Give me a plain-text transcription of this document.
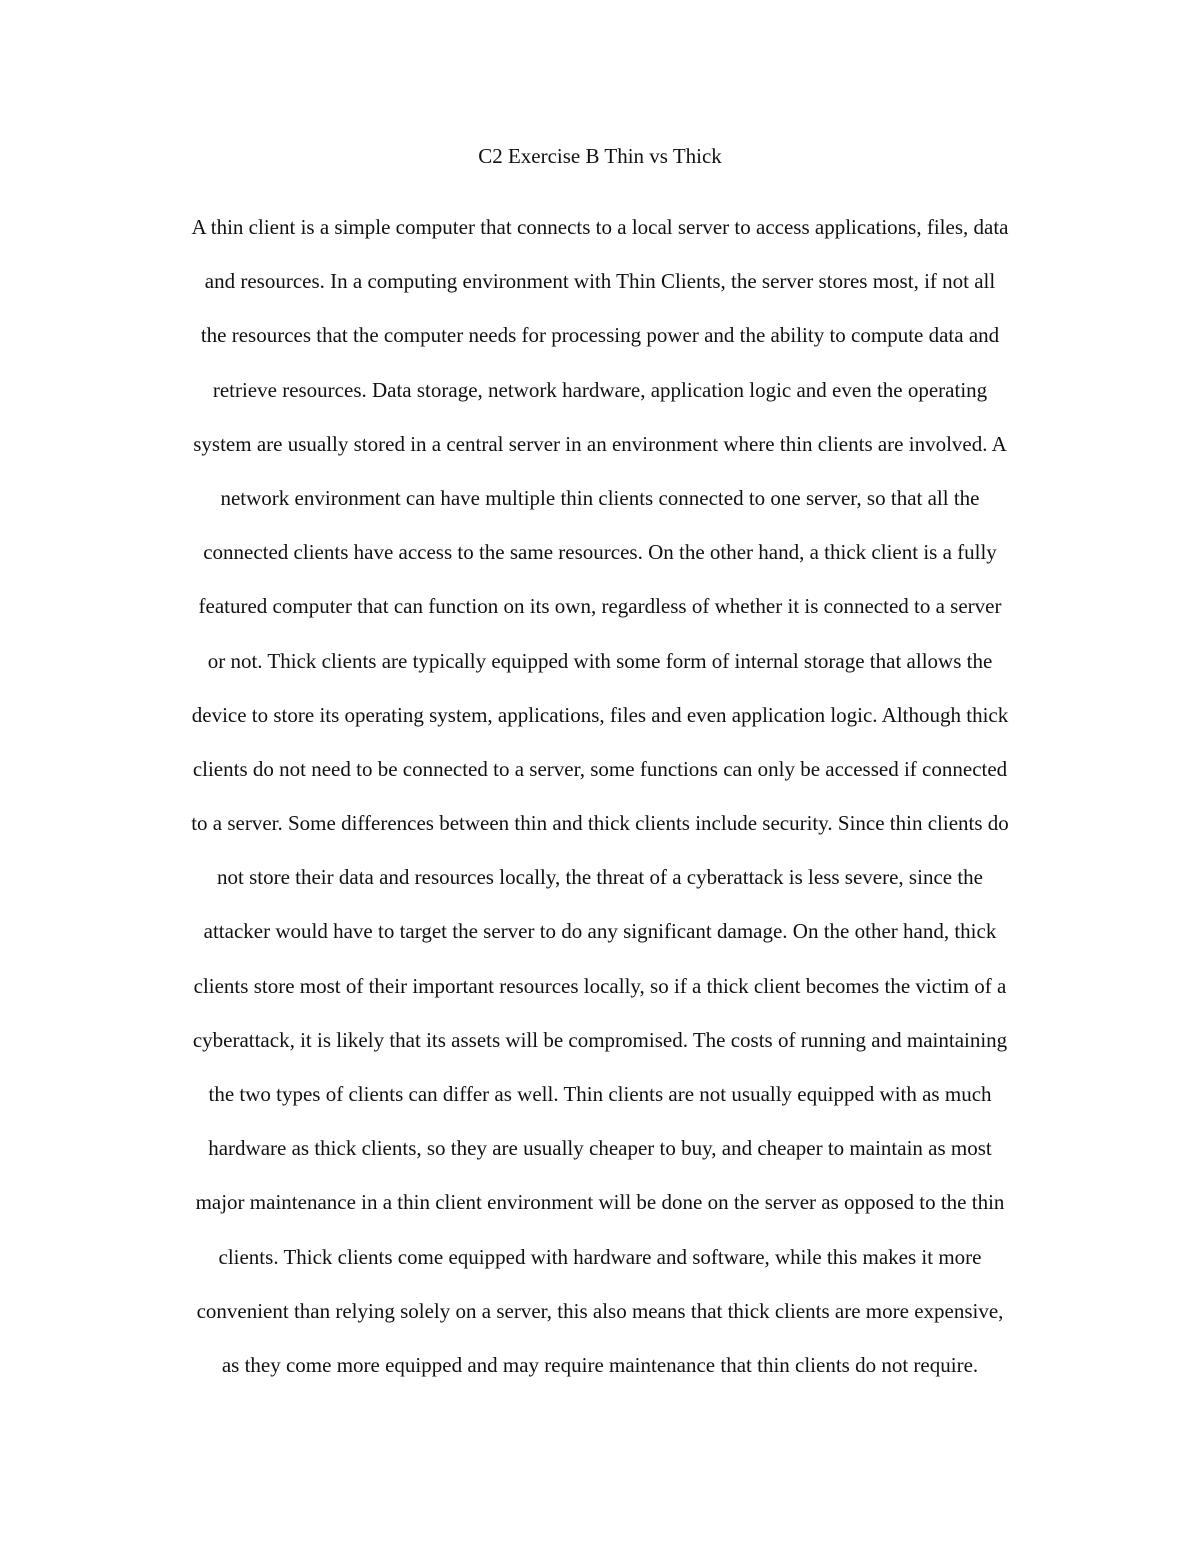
C2 Exercise B Thin vs Thick
A thin client is a simple computer that connects to a local server to access applications, files, data
and resources. In a computing environment with Thin Clients, the server stores most, if not all
the resources that the computer needs for processing power and the ability to compute data and
retrieve resources. Data storage, network hardware, application logic and even the operating
system are usually stored in a central server in an environment where thin clients are involved. A
network environment can have multiple thin clients connected to one server, so that all the
connected clients have access to the same resources. On the other hand, a thick client is a fully
featured computer that can function on its own, regardless of whether it is connected to a server
or not. Thick clients are typically equipped with some form of internal storage that allows the
device to store its operating system, applications, files and even application logic. Although thick
clients do not need to be connected to a server, some functions can only be accessed if connected
to a server. Some differences between thin and thick clients include security. Since thin clients do
not store their data and resources locally, the threat of a cyberattack is less severe, since the
attacker would have to target the server to do any significant damage. On the other hand, thick
clients store most of their important resources locally, so if a thick client becomes the victim of a
cyberattack, it is likely that its assets will be compromised. The costs of running and maintaining
the two types of clients can differ as well. Thin clients are not usually equipped with as much
hardware as thick clients, so they are usually cheaper to buy, and cheaper to maintain as most
major maintenance in a thin client environment will be done on the server as opposed to the thin
clients. Thick clients come equipped with hardware and software, while this makes it more
convenient than relying solely on a server, this also means that thick clients are more expensive,
as they come more equipped and may require maintenance that thin clients do not require.
